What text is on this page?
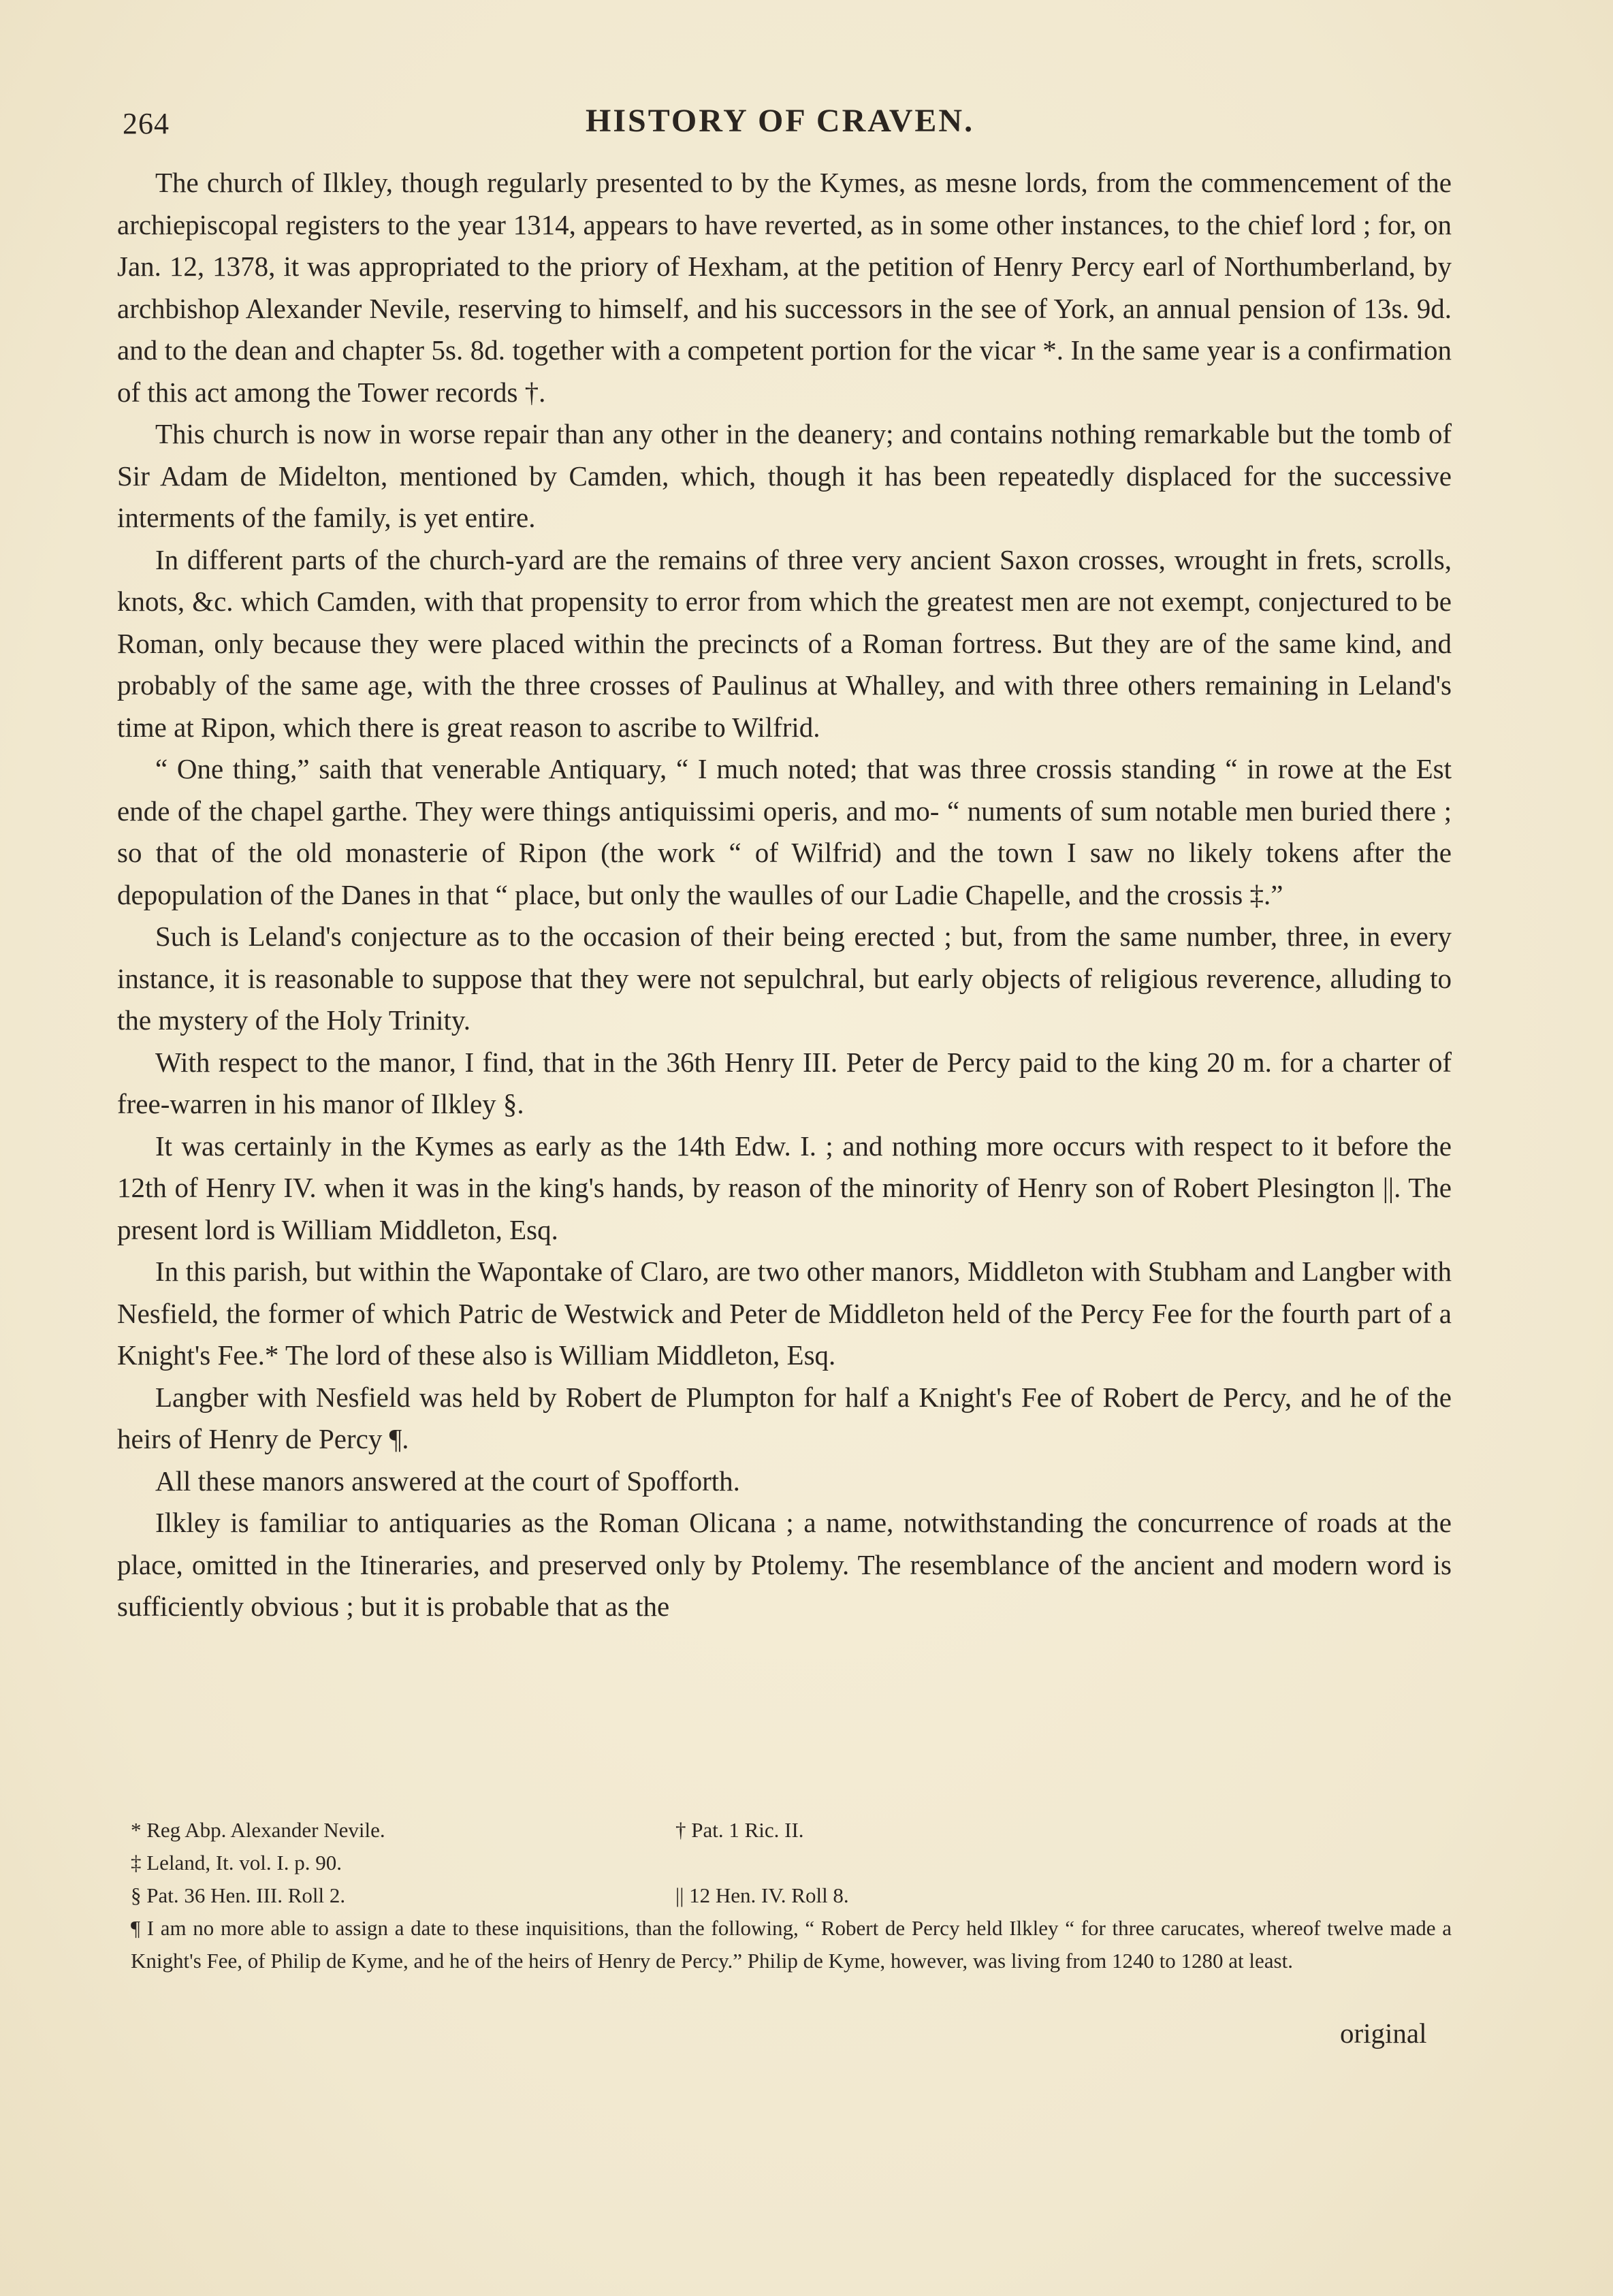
264	HISTORY OF CRAVEN.

The church of Ilkley, though regularly presented to by the Kymes, as mesne lords, from the commencement of the archiepiscopal registers to the year 1314, appears to have reverted, as in some other instances, to the chief lord ; for, on Jan. 12, 1378, it was appropriated to the priory of Hexham, at the petition of Henry Percy earl of Northumberland, by archbishop Alexander Nevile, reserving to himself, and his successors in the see of York, an annual pension of 13s. 9d. and to the dean and chapter 5s. 8d. together with a competent portion for the vicar *. In the same year is a confirmation of this act among the Tower records †.

This church is now in worse repair than any other in the deanery; and contains nothing remarkable but the tomb of Sir Adam de Midelton, mentioned by Camden, which, though it has been repeatedly displaced for the successive interments of the family, is yet entire.

In different parts of the church-yard are the remains of three very ancient Saxon crosses, wrought in frets, scrolls, knots, &c. which Camden, with that propensity to error from which the greatest men are not exempt, conjectured to be Roman, only because they were placed within the precincts of a Roman fortress. But they are of the same kind, and probably of the same age, with the three crosses of Paulinus at Whalley, and with three others remaining in Leland's time at Ripon, which there is great reason to ascribe to Wilfrid.

“ One thing,” saith that venerable Antiquary, “ I much noted; that was three crossis standing “ in rowe at the Est ende of the chapel garthe. They were things antiquissimi operis, and mo- “ numents of sum notable men buried there ; so that of the old monasterie of Ripon (the work “ of Wilfrid) and the town I saw no likely tokens after the depopulation of the Danes in that “ place, but only the waulles of our Ladie Chapelle, and the crossis ‡.”

Such is Leland's conjecture as to the occasion of their being erected ; but, from the same number, three, in every instance, it is reasonable to suppose that they were not sepulchral, but early objects of religious reverence, alluding to the mystery of the Holy Trinity.

With respect to the manor, I find, that in the 36th Henry III. Peter de Percy paid to the king 20 m. for a charter of free-warren in his manor of Ilkley §.

It was certainly in the Kymes as early as the 14th Edw. I. ; and nothing more occurs with respect to it before the 12th of Henry IV. when it was in the king's hands, by reason of the minority of Henry son of Robert Plesington ||. The present lord is William Middleton, Esq.

In this parish, but within the Wapontake of Claro, are two other manors, Middleton with Stubham and Langber with Nesfield, the former of which Patric de Westwick and Peter de Middleton held of the Percy Fee for the fourth part of a Knight's Fee.* The lord of these also is William Middleton, Esq.

Langber with Nesfield was held by Robert de Plumpton for half a Knight's Fee of Robert de Percy, and he of the heirs of Henry de Percy ¶.

All these manors answered at the court of Spofforth.

Ilkley is familiar to antiquaries as the Roman Olicana ; a name, notwithstanding the concurrence of roads at the place, omitted in the Itineraries, and preserved only by Ptolemy. The resemblance of the ancient and modern word is sufficiently obvious ; but it is probable that as the

* Reg Abp. Alexander Nevile.	† Pat. 1 Ric. II.
‡ Leland, It. vol. I. p. 90.
§ Pat. 36 Hen. III. Roll 2.	|| 12 Hen. IV. Roll 8.

¶ I am no more able to assign a date to these inquisitions, than the following, “ Robert de Percy held Ilkley “ for three carucates, whereof twelve made a Knight's Fee, of Philip de Kyme, and he of the heirs of Henry de Percy.” Philip de Kyme, however, was living from 1240 to 1280 at least.

original
